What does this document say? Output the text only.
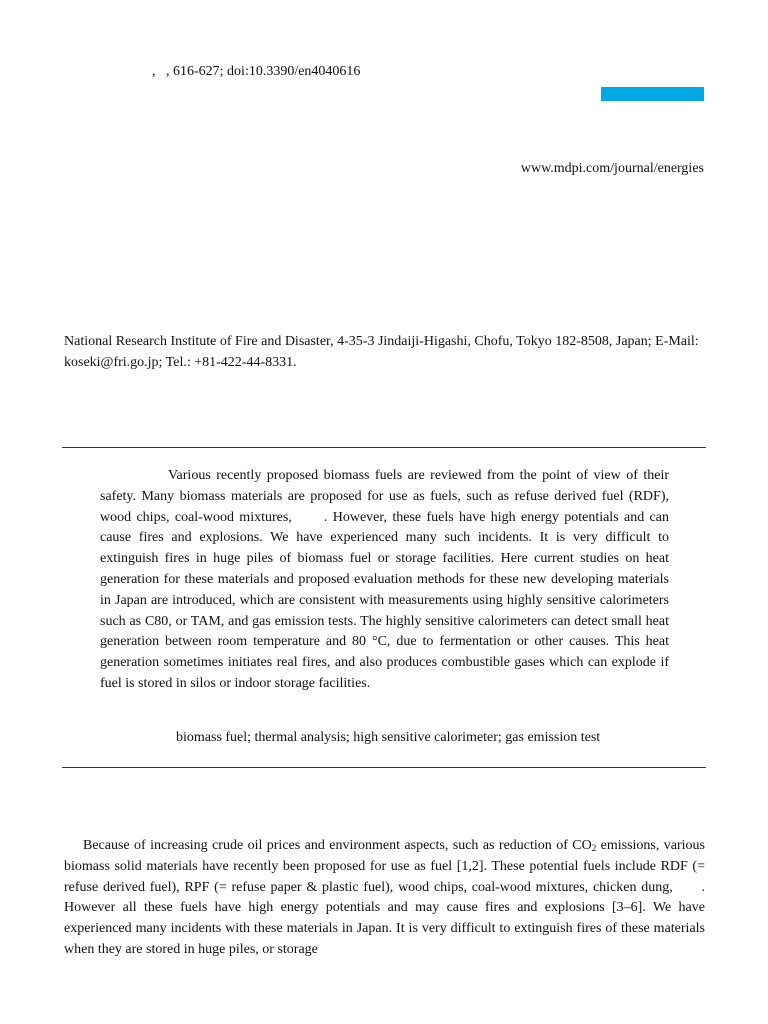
,   , 616-627; doi:10.3390/en4040616
www.mdpi.com/journal/energies
National Research Institute of Fire and Disaster, 4-35-3 Jindaiji-Higashi, Chofu, Tokyo 182-8508, Japan; E-Mail: koseki@fri.go.jp; Tel.: +81-422-44-8331.

Various recently proposed biomass fuels are reviewed from the point of view of their safety. Many biomass materials are proposed for use as fuels, such as refuse derived fuel (RDF), wood chips, coal-wood mixtures,      . However, these fuels have high energy potentials and can cause fires and explosions. We have experienced many such incidents. It is very difficult to extinguish fires in huge piles of biomass fuel or storage facilities. Here current studies on heat generation for these materials and proposed evaluation methods for these new developing materials in Japan are introduced, which are consistent with measurements using highly sensitive calorimeters such as C80, or TAM, and gas emission tests. The highly sensitive calorimeters can detect small heat generation between room temperature and 80 °C, due to fermentation or other causes. This heat generation sometimes initiates real fires, and also produces combustible gases which can explode if fuel is stored in silos or indoor storage facilities.

biomass fuel; thermal analysis; high sensitive calorimeter; gas emission test

Because of increasing crude oil prices and environment aspects, such as reduction of $CO_2$ emissions, various biomass solid materials have recently been proposed for use as fuel [1,2]. These potential fuels include RDF (= refuse derived fuel), RPF (= refuse paper & plastic fuel), wood chips, coal-wood mixtures, chicken dung,      . However all these fuels have high energy potentials and may cause fires and explosions [3–6]. We have experienced many incidents with these materials in Japan. It is very difficult to extinguish fires of these materials when they are stored in huge piles, or storage
